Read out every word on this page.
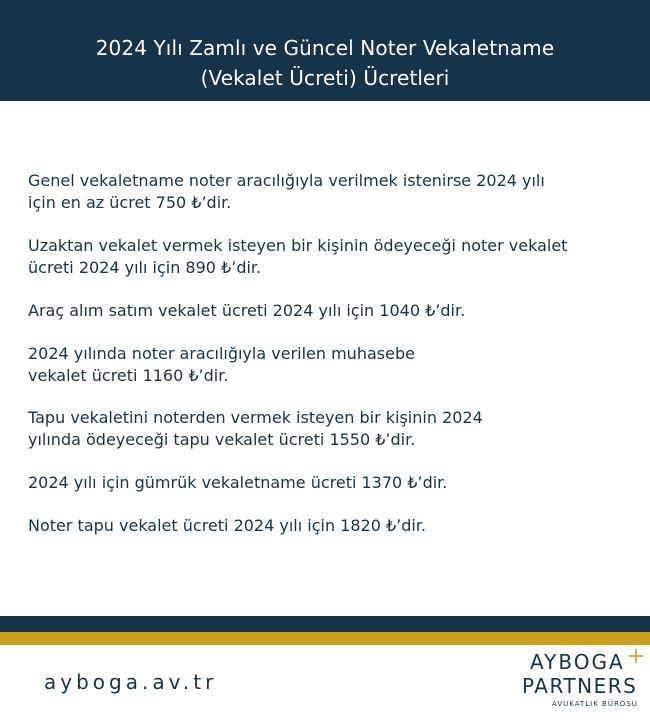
2024 Yılı Zamlı ve Güncel Noter Vekaletname
(Vekalet Ücreti) Ücretleri

Genel vekaletname noter aracılığıyla verilmek istenirse 2024 yılı
için en az ücret 750 ₺’dir.

Uzaktan vekalet vermek isteyen bir kişinin ödeyeceği noter vekalet
ücreti 2024 yılı için 890 ₺’dir.

Araç alım satım vekalet ücreti 2024 yılı için 1040 ₺’dir.

2024 yılında noter aracılığıyla verilen muhasebe
vekalet ücreti 1160 ₺’dir.

Tapu vekaletini noterden vermek isteyen bir kişinin 2024
yılında ödeyeceği tapu vekalet ücreti 1550 ₺’dir.

2024 yılı için gümrük vekaletname ücreti 1370 ₺’dir.

Noter tapu vekalet ücreti 2024 yılı için 1820 ₺’dir.

ayboga.av.tr
AYBOGA
PARTNERS
AVUKATLIK BÜROSU
